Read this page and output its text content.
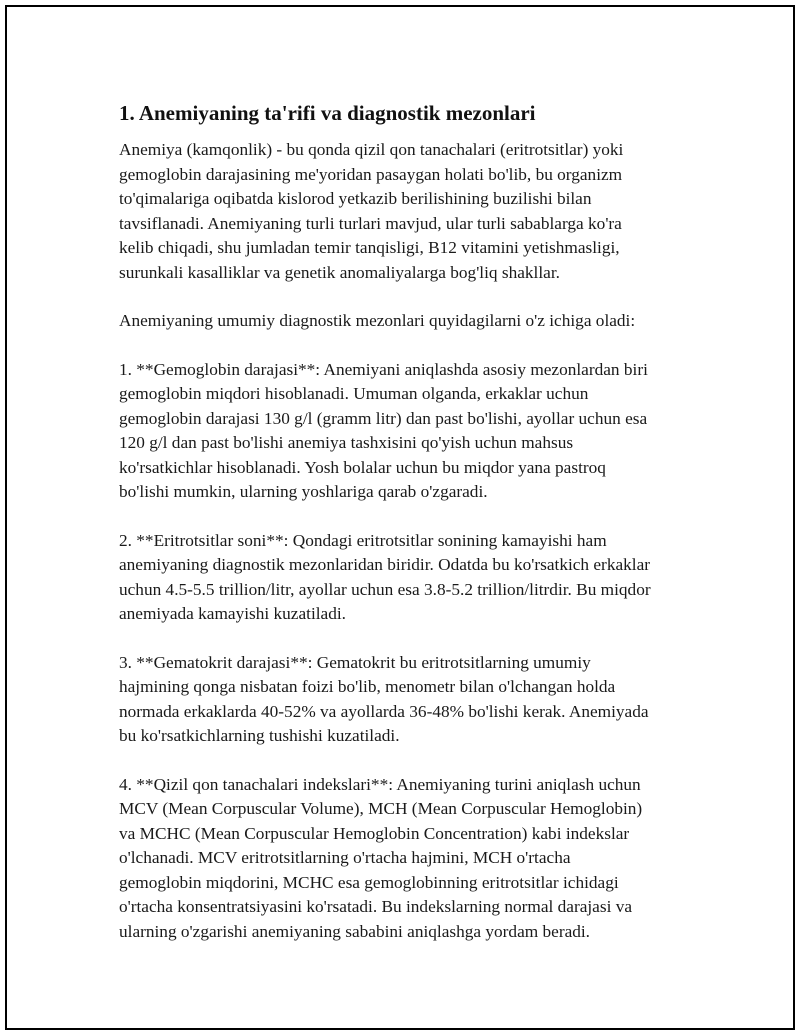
1. Anemiyaning ta'rifi va diagnostik mezonlari

Anemiya (kamqonlik) - bu qonda qizil qon tanachalari (eritrotsitlar) yoki
gemoglobin darajasining me'yoridan pasaygan holati bo'lib, bu organizm
to'qimalariga oqibatda kislorod yetkazib berilishining buzilishi bilan
tavsiflanadi. Anemiyaning turli turlari mavjud, ular turli sabablarga ko'ra
kelib chiqadi, shu jumladan temir tanqisligi, B12 vitamini yetishmasligi,
surunkali kasalliklar va genetik anomaliyalarga bog'liq shakllar.

Anemiyaning umumiy diagnostik mezonlari quyidagilarni o'z ichiga oladi:

1. **Gemoglobin darajasi**: Anemiyani aniqlashda asosiy mezonlardan biri
gemoglobin miqdori hisoblanadi. Umuman olganda, erkaklar uchun
gemoglobin darajasi 130 g/l (gramm litr) dan past bo'lishi, ayollar uchun esa
120 g/l dan past bo'lishi anemiya tashxisini qo'yish uchun mahsus
ko'rsatkichlar hisoblanadi. Yosh bolalar uchun bu miqdor yana pastroq
bo'lishi mumkin, ularning yoshlariga qarab o'zgaradi.

2. **Eritrotsitlar soni**: Qondagi eritrotsitlar sonining kamayishi ham
anemiyaning diagnostik mezonlaridan biridir. Odatda bu ko'rsatkich erkaklar
uchun 4.5-5.5 trillion/litr, ayollar uchun esa 3.8-5.2 trillion/litrdir. Bu miqdor
anemiyada kamayishi kuzatiladi.

3. **Gematokrit darajasi**: Gematokrit bu eritrotsitlarning umumiy
hajmining qonga nisbatan foizi bo'lib, menometr bilan o'lchangan holda
normada erkaklarda 40-52% va ayollarda 36-48% bo'lishi kerak. Anemiyada
bu ko'rsatkichlarning tushishi kuzatiladi.

4. **Qizil qon tanachalari indekslari**: Anemiyaning turini aniqlash uchun
MCV (Mean Corpuscular Volume), MCH (Mean Corpuscular Hemoglobin)
va MCHC (Mean Corpuscular Hemoglobin Concentration) kabi indekslar
o'lchanadi. MCV eritrotsitlarning o'rtacha hajmini, MCH o'rtacha
gemoglobin miqdorini, MCHC esa gemoglobinning eritrotsitlar ichidagi
o'rtacha konsentratsiyasini ko'rsatadi. Bu indekslarning normal darajasi va
ularning o'zgarishi anemiyaning sababini aniqlashga yordam beradi.
